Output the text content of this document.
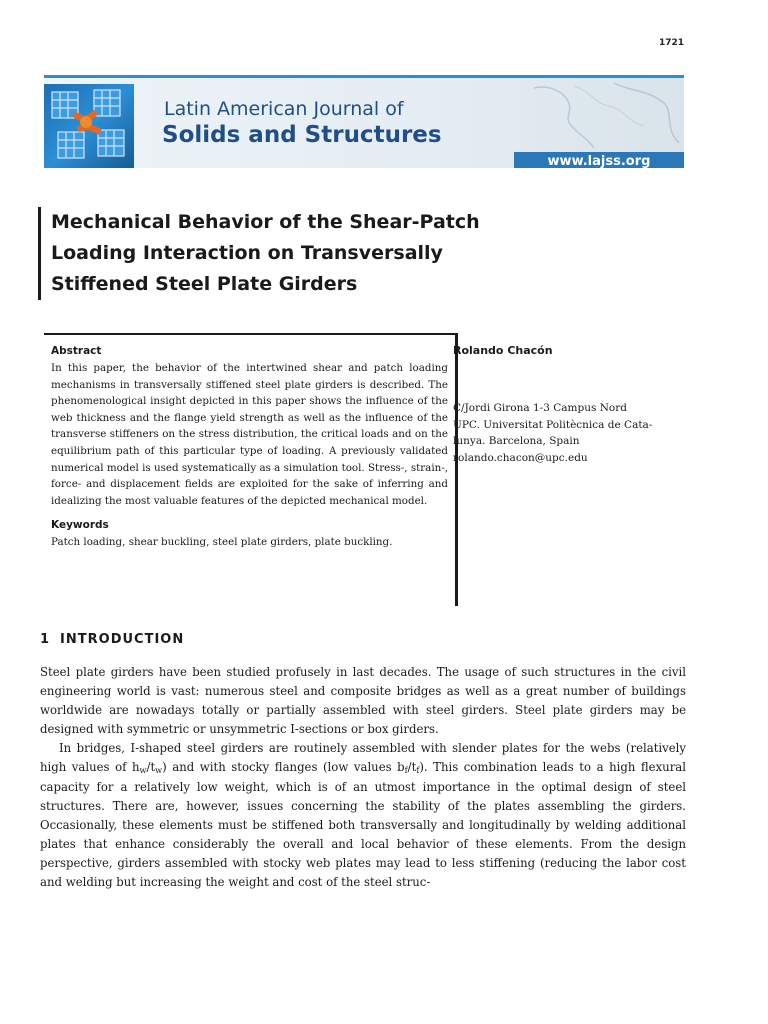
1721
Latin American Journal of
Solids and Structures
www.lajss.org
Mechanical Behavior of the Shear-Patch
Loading Interaction on Transversally
Stiffened Steel Plate Girders
Abstract

In this paper, the behavior of the intertwined shear and patch loading mechanisms in transversally stiffened steel plate girders is described. The phenomenological insight depicted in this paper shows the influence of the web thickness and the flange yield strength as well as the influence of the transverse stiffeners on the stress distribution, the critical loads and on the equilibrium path of this particular type of loading. A previously validated numerical model is used systematically as a simulation tool. Stress-, strain-, force- and displacement fields are exploited for the sake of inferring and idealizing the most valuable features of the depicted mechanical model.

Keywords

Patch loading, shear buckling, steel plate girders, plate buckling.

Rolando Chacón
C/Jordi Girona 1-3 Campus Nord
UPC. Universitat Politècnica de Cata-
lunya. Barcelona, Spain
rolando.chacon@upc.edu
1 INTRODUCTION

Steel plate girders have been studied profusely in last decades. The usage of such structures in the civil engineering world is vast: numerous steel and composite bridges as well as a great number of buildings worldwide are nowadays totally or partially assembled with steel girders. Steel plate girders may be designed with symmetric or unsymmetric I-sections or box girders.

In bridges, I-shaped steel girders are routinely assembled with slender plates for the webs (relatively high values of $h_w/t_w$) and with stocky flanges (low values $b_f/t_f$). This combination leads to a high flexural capacity for a relatively low weight, which is of an utmost importance in the optimal design of steel structures. There are, however, issues concerning the stability of the plates assembling the girders. Occasionally, these elements must be stiffened both transversally and longitudinally by welding additional plates that enhance considerably the overall and local behavior of these elements. From the design perspective, girders assembled with stocky web plates may lead to less stiffening (reducing the labor cost and welding but increasing the weight and cost of the steel struc-
